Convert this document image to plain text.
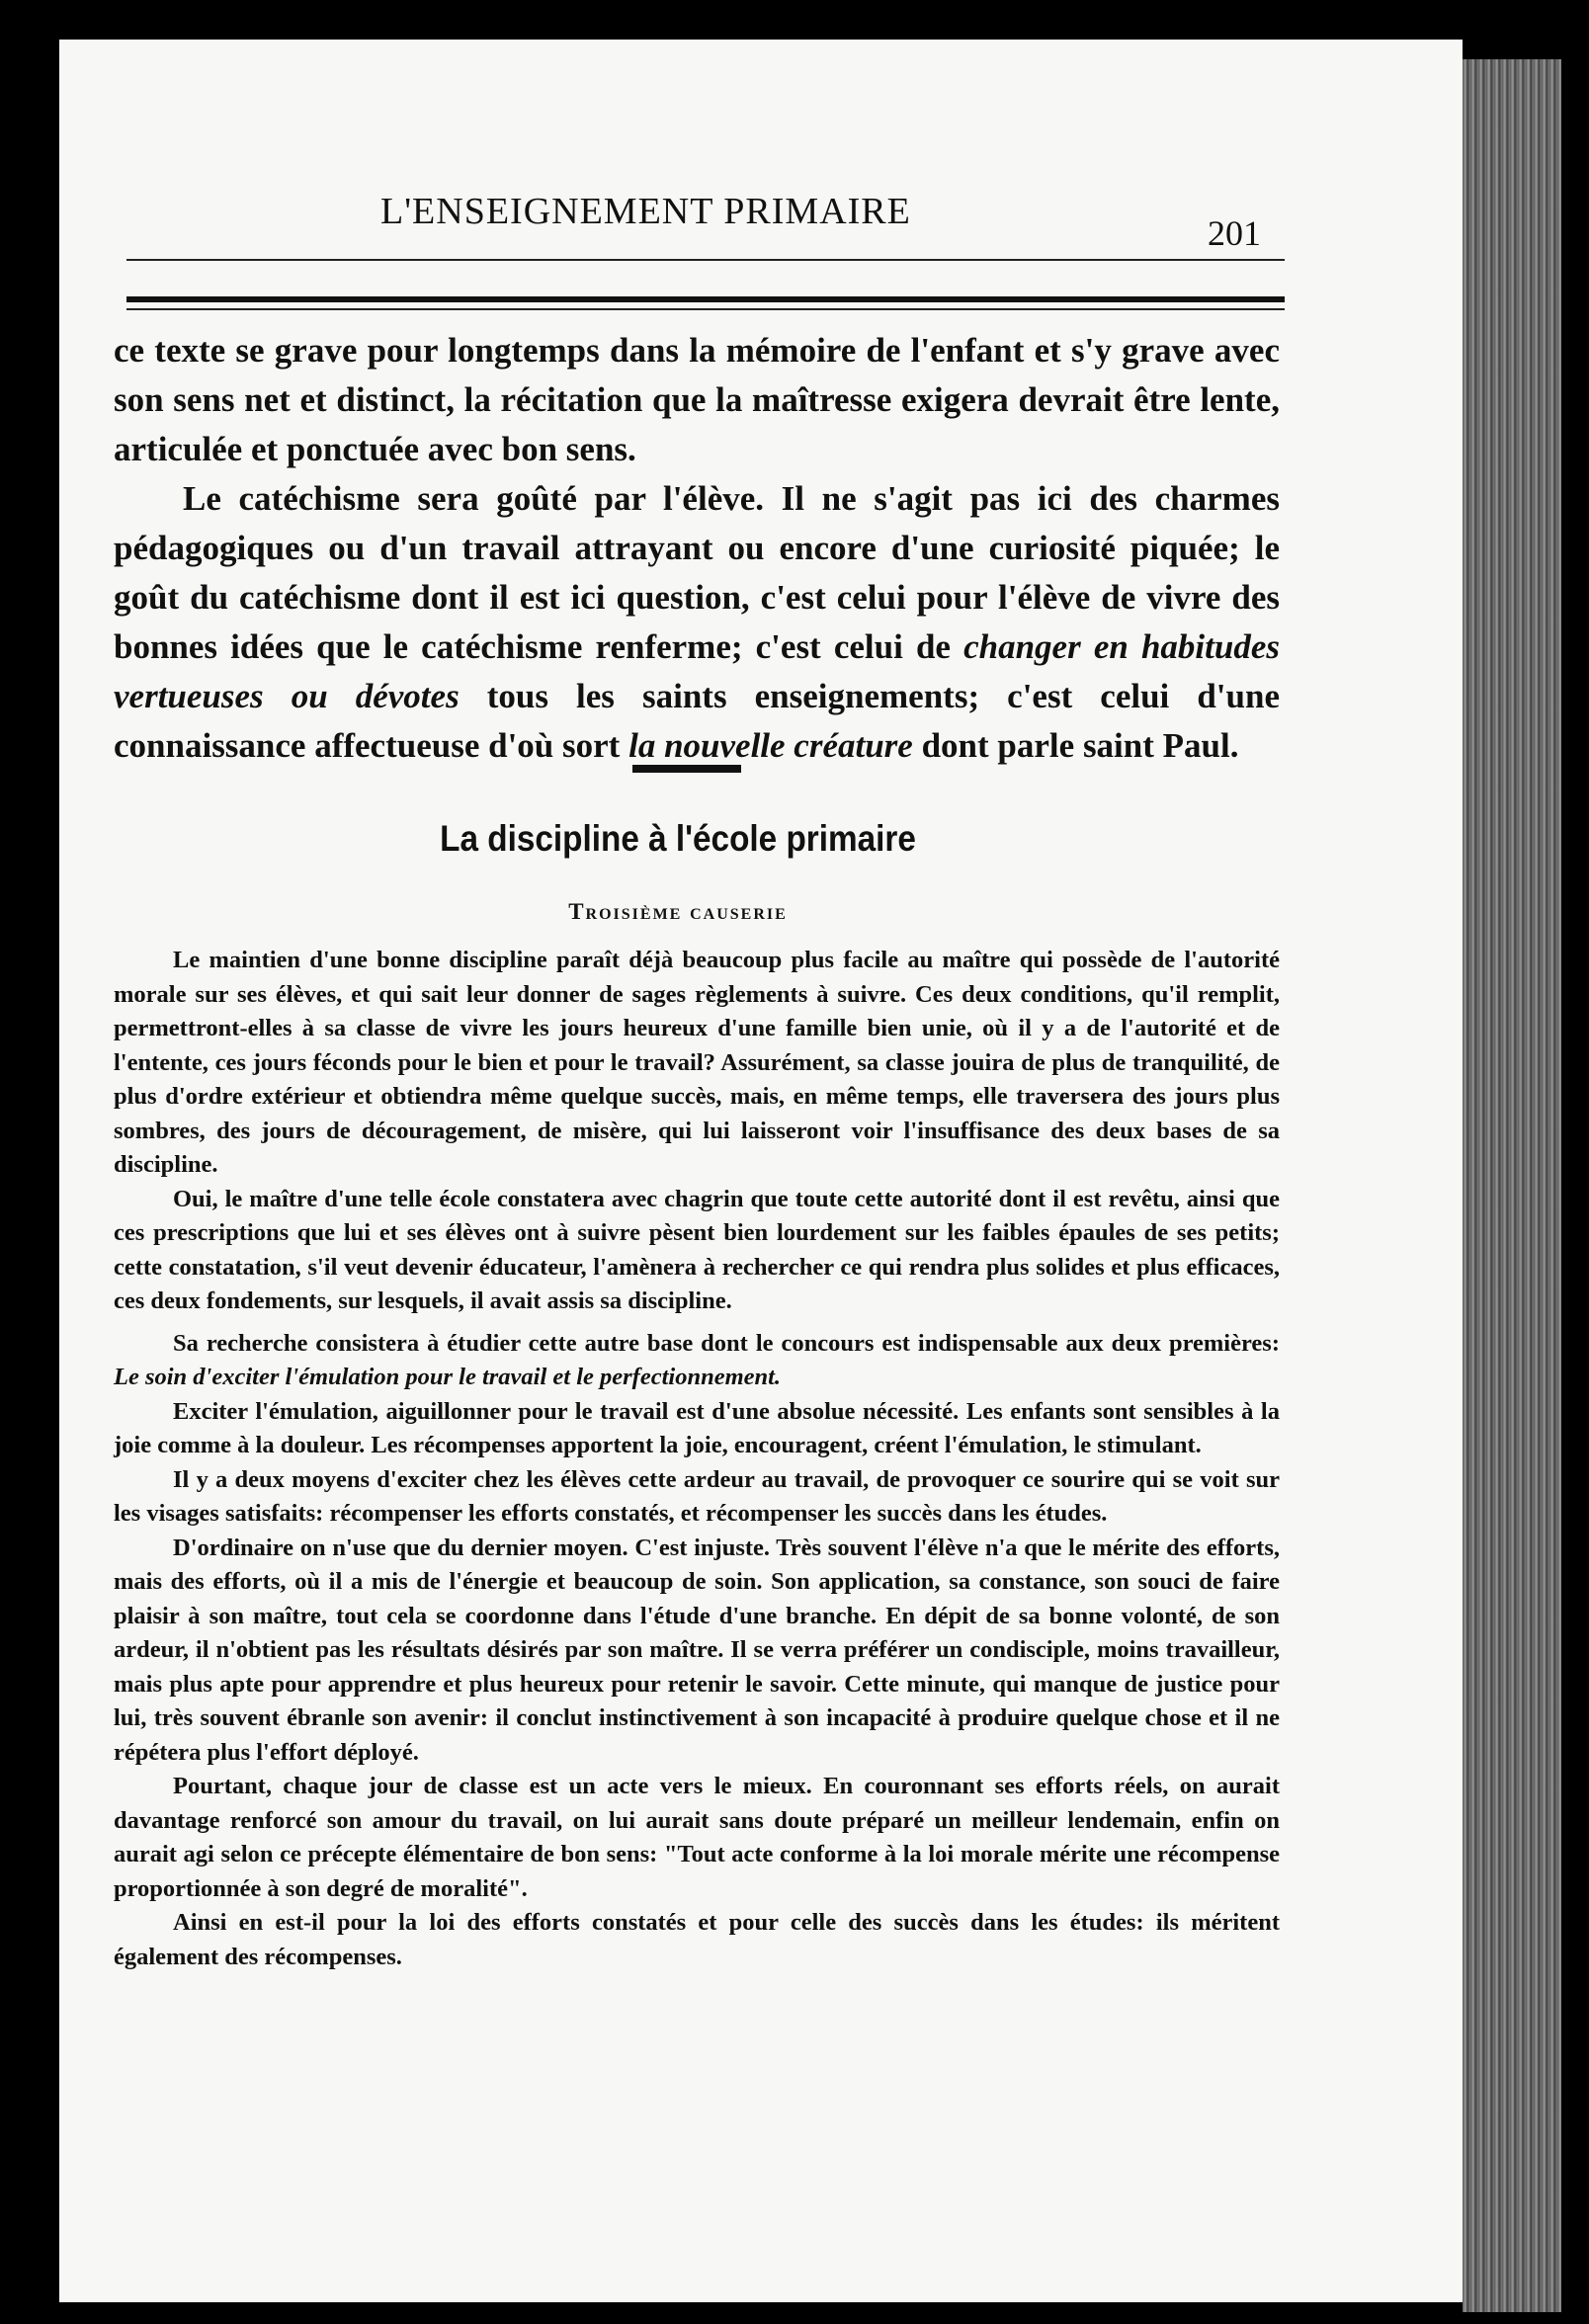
L'ENSEIGNEMENT PRIMAIRE
201

ce texte se grave pour longtemps dans la mémoire de l'enfant et s'y grave avec son sens net et distinct, la récitation que la maîtresse exigera devrait être lente, articulée et ponctuée avec bon sens.

Le catéchisme sera goûté par l'élève. Il ne s'agit pas ici des charmes pédagogiques ou d'un travail attrayant ou encore d'une curiosité piquée; le goût du catéchisme dont il est ici question, c'est celui pour l'élève de vivre des bonnes idées que le catéchisme renferme; c'est celui de changer en habitudes vertueuses ou dévotes tous les saints enseignements; c'est celui d'une connaissance affectueuse d'où sort la nouvelle créature dont parle saint Paul.

La discipline à l'école primaire
Troisième causerie

Le maintien d'une bonne discipline paraît déjà beaucoup plus facile au maître qui possède de l'autorité morale sur ses élèves, et qui sait leur donner de sages règlements à suivre. Ces deux conditions, qu'il remplit, permettront-elles à sa classe de vivre les jours heureux d'une famille bien unie, où il y a de l'autorité et de l'entente, ces jours féconds pour le bien et pour le travail? Assurément, sa classe jouira de plus de tranquilité, de plus d'ordre extérieur et obtiendra même quelque succès, mais, en même temps, elle traversera des jours plus sombres, des jours de découragement, de misère, qui lui laisseront voir l'insuffisance des deux bases de sa discipline.

Oui, le maître d'une telle école constatera avec chagrin que toute cette autorité dont il est revêtu, ainsi que ces prescriptions que lui et ses élèves ont à suivre pèsent bien lourdement sur les faibles épaules de ses petits; cette constatation, s'il veut devenir éducateur, l'amènera à rechercher ce qui rendra plus solides et plus efficaces, ces deux fondements, sur lesquels, il avait assis sa discipline.

Sa recherche consistera à étudier cette autre base dont le concours est indispensable aux deux premières: Le soin d'exciter l'émulation pour le travail et le perfectionnement.

Exciter l'émulation, aiguillonner pour le travail est d'une absolue nécessité. Les enfants sont sensibles à la joie comme à la douleur. Les récompenses apportent la joie, encouragent, créent l'émulation, le stimulant.

Il y a deux moyens d'exciter chez les élèves cette ardeur au travail, de provoquer ce sourire qui se voit sur les visages satisfaits: récompenser les efforts constatés, et récompenser les succès dans les études.

D'ordinaire on n'use que du dernier moyen. C'est injuste. Très souvent l'élève n'a que le mérite des efforts, mais des efforts, où il a mis de l'énergie et beaucoup de soin. Son application, sa constance, son souci de faire plaisir à son maître, tout cela se coordonne dans l'étude d'une branche. En dépit de sa bonne volonté, de son ardeur, il n'obtient pas les résultats désirés par son maître. Il se verra préférer un condisciple, moins travailleur, mais plus apte pour apprendre et plus heureux pour retenir le savoir. Cette minute, qui manque de justice pour lui, très souvent ébranle son avenir: il conclut instinctivement à son incapacité à produire quelque chose et il ne répétera plus l'effort déployé.

Pourtant, chaque jour de classe est un acte vers le mieux. En couronnant ses efforts réels, on aurait davantage renforcé son amour du travail, on lui aurait sans doute préparé un meilleur lendemain, enfin on aurait agi selon ce précepte élémentaire de bon sens: "Tout acte conforme à la loi morale mérite une récompense proportionnée à son degré de moralité".

Ainsi en est-il pour la loi des efforts constatés et pour celle des succès dans les études: ils méritent également des récompenses.
